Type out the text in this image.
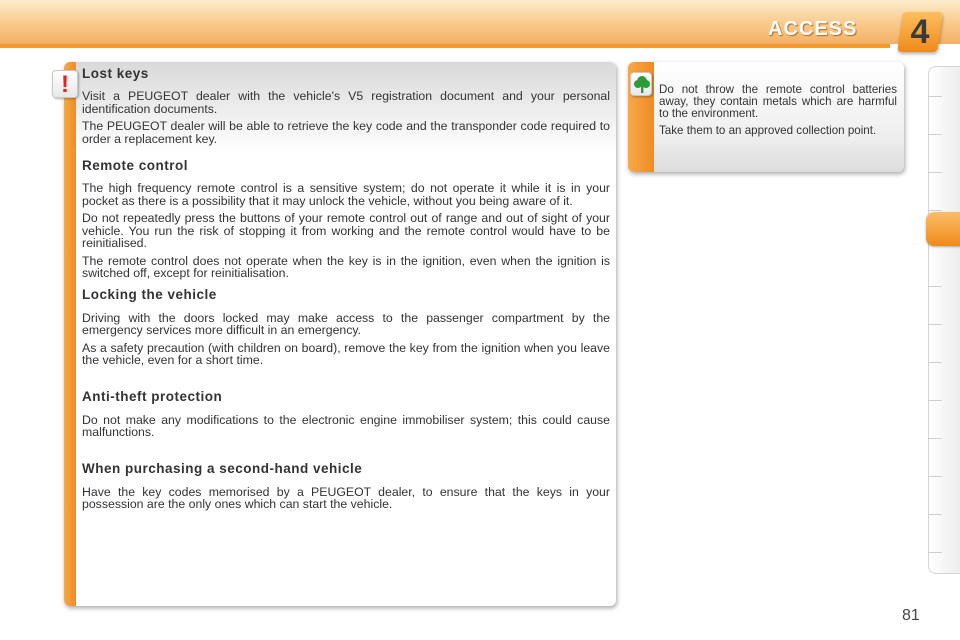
ACCESS	4
! Lost keys

Visit a PEUGEOT dealer with the vehicle's V5 registration document and your personal identification documents.

The PEUGEOT dealer will be able to retrieve the key code and the transponder code required to order a replacement key.

Remote control

The high frequency remote control is a sensitive system; do not operate it while it is in your pocket as there is a possibility that it may unlock the vehicle, without you being aware of it.

Do not repeatedly press the buttons of your remote control out of range and out of sight of your vehicle. You run the risk of stopping it from working and the remote control would have to be reinitialised.

The remote control does not operate when the key is in the ignition, even when the ignition is switched off, except for reinitialisation.

Locking the vehicle

Driving with the doors locked may make access to the passenger compartment by the emergency services more difficult in an emergency.

As a safety precaution (with children on board), remove the key from the ignition when you leave the vehicle, even for a short time.

Anti-theft protection

Do not make any modifications to the electronic engine immobiliser system; this could cause malfunctions.

When purchasing a second-hand vehicle

Have the key codes memorised by a PEUGEOT dealer, to ensure that the keys in your possession are the only ones which can start the vehicle.

Do not throw the remote control batteries away, they contain metals which are harmful to the environment.

Take them to an approved collection point.

81
